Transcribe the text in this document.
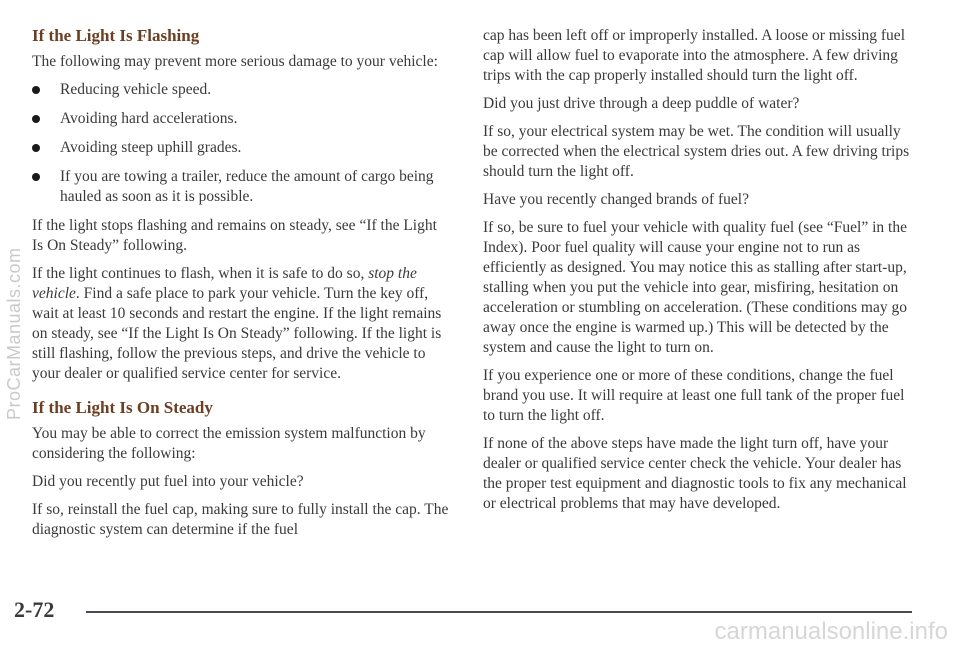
If the Light Is Flashing

The following may prevent more serious damage to your vehicle:

Reducing vehicle speed.
Avoiding hard accelerations.
Avoiding steep uphill grades.
If you are towing a trailer, reduce the amount of cargo being hauled as soon as it is possible.

If the light stops flashing and remains on steady, see “If the Light Is On Steady” following.

If the light continues to flash, when it is safe to do so, stop the vehicle. Find a safe place to park your vehicle. Turn the key off, wait at least 10 seconds and restart the engine. If the light remains on steady, see “If the Light Is On Steady” following. If the light is still flashing, follow the previous steps, and drive the vehicle to your dealer or qualified service center for service.

If the Light Is On Steady

You may be able to correct the emission system malfunction by considering the following:

Did you recently put fuel into your vehicle?

If so, reinstall the fuel cap, making sure to fully install the cap. The diagnostic system can determine if the fuel

cap has been left off or improperly installed. A loose or missing fuel cap will allow fuel to evaporate into the atmosphere. A few driving trips with the cap properly installed should turn the light off.

Did you just drive through a deep puddle of water?

If so, your electrical system may be wet. The condition will usually be corrected when the electrical system dries out. A few driving trips should turn the light off.

Have you recently changed brands of fuel?

If so, be sure to fuel your vehicle with quality fuel (see “Fuel” in the Index). Poor fuel quality will cause your engine not to run as efficiently as designed. You may notice this as stalling after start-up, stalling when you put the vehicle into gear, misfiring, hesitation on acceleration or stumbling on acceleration. (These conditions may go away once the engine is warmed up.) This will be detected by the system and cause the light to turn on.

If you experience one or more of these conditions, change the fuel brand you use. It will require at least one full tank of the proper fuel to turn the light off.

If none of the above steps have made the light turn off, have your dealer or qualified service center check the vehicle. Your dealer has the proper test equipment and diagnostic tools to fix any mechanical or electrical problems that may have developed.

2-72
ProCarManuals.com
carmanualsonline.info
